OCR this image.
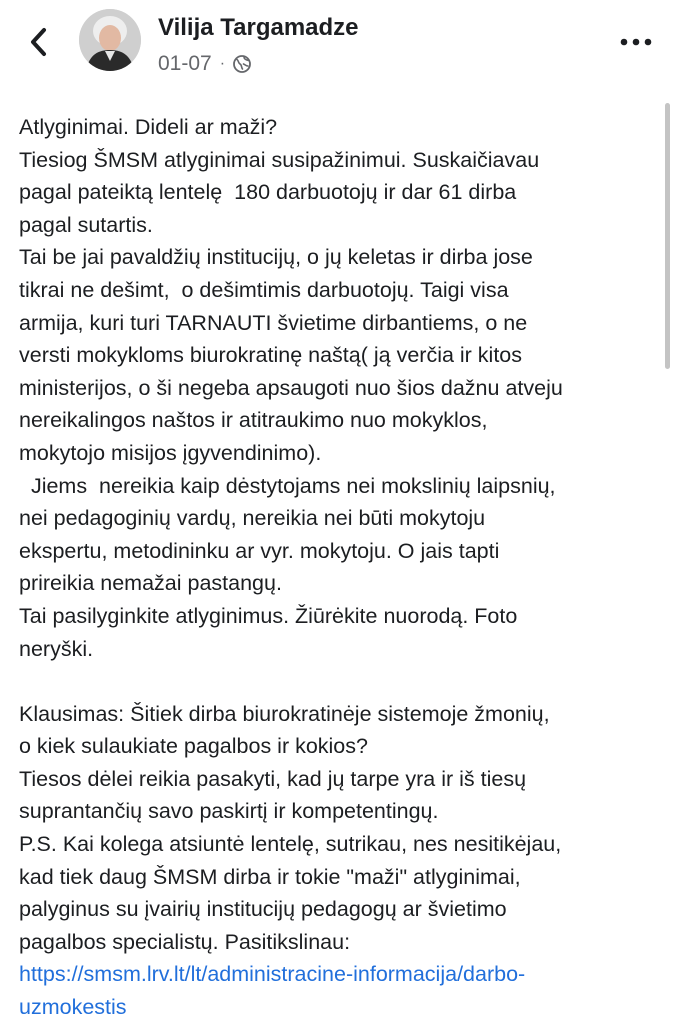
Vilija Targamadze
01-07 ·
Atlyginimai. Dideli ar maži?
Tiesiog ŠMSM atlyginimai susipažinimui. Suskaičiavau
pagal pateiktą lentelę  180 darbuotojų ir dar 61 dirba
pagal sutartis.
Tai be jai pavaldžių institucijų, o jų keletas ir dirba jose
tikrai ne dešimt,  o dešimtimis darbuotojų. Taigi visa
armija, kuri turi TARNAUTI švietime dirbantiems, o ne
versti mokykloms biurokratinę naštą( ją verčia ir kitos
ministerijos, o ši negeba apsaugoti nuo šios dažnu atveju
nereikalingos naštos ir atitraukimo nuo mokyklos,
mokytojo misijos įgyvendinimo).
Jiems  nereikia kaip dėstytojams nei mokslinių laipsnių,
nei pedagoginių vardų, nereikia nei būti mokytoju
ekspertu, metodininku ar vyr. mokytoju. O jais tapti
prireikia nemažai pastangų.
Tai pasilyginkite atlyginimus. Žiūrėkite nuorodą. Foto
neryški.
Klausimas: Šitiek dirba biurokratinėje sistemoje žmonių,
o kiek sulaukiate pagalbos ir kokios?
Tiesos dėlei reikia pasakyti, kad jų tarpe yra ir iš tiesų
suprantančių savo paskirtį ir kompetentingų.
P.S. Kai kolega atsiuntė lentelę, sutrikau, nes nesitikėjau,
kad tiek daug ŠMSM dirba ir tokie "maži" atlyginimai,
palyginus su įvairių institucijų pedagogų ar švietimo
pagalbos specialistų. Pasitikslinau:
https://smsm.lrv.lt/lt/administracine-informacija/darbo-
uzmokestis
